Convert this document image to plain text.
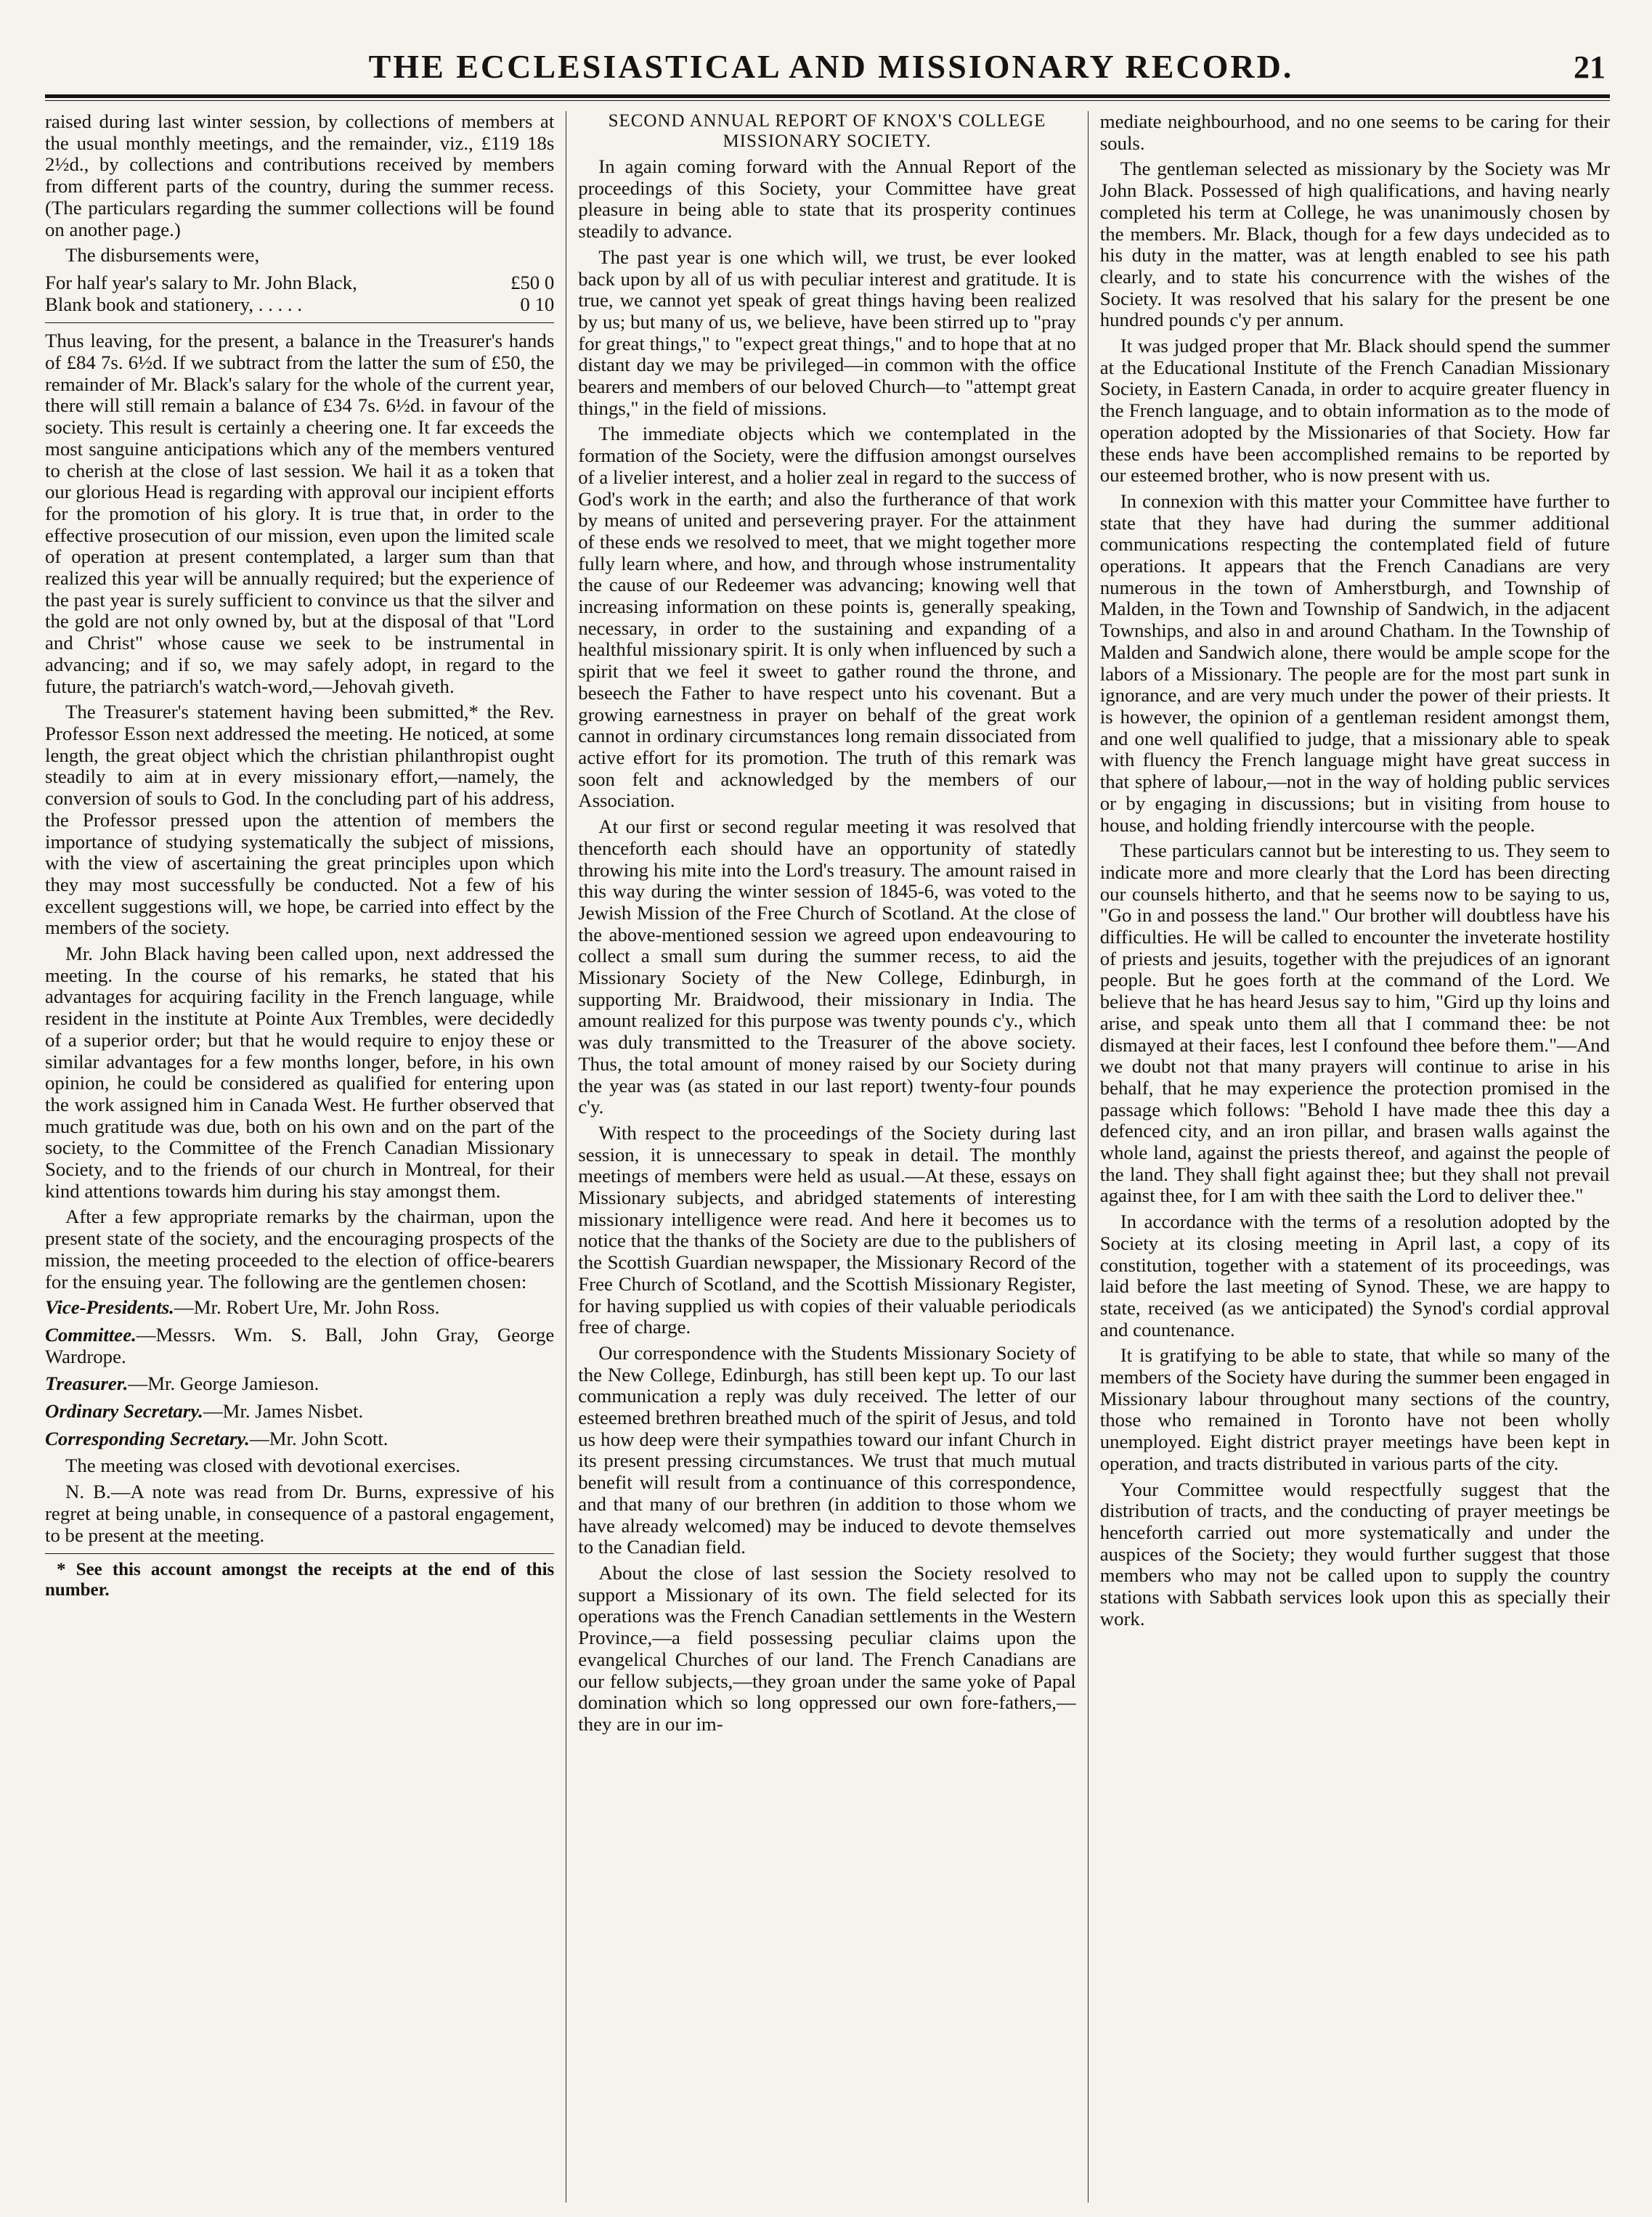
THE ECCLESIASTICAL AND MISSIONARY RECORD.	21

raised during last winter session, by collections of members at the usual monthly meetings, and the remainder, viz., £119 18s 2½d., by collections and contributions received by members from different parts of the country, during the summer recess. (The particulars regarding the summer collections will be found on another page.)

The disbursements were,

For half year's salary to Mr. John Black,	£50 0
Blank book and stationery, . . . . .	0 10

Thus leaving, for the present, a balance in the Treasurer's hands of £84 7s. 6½d. If we subtract from the latter the sum of £50, the remainder of Mr. Black's salary for the whole of the current year, there will still remain a balance of £34 7s. 6½d. in favour of the society. This result is certainly a cheering one. It far exceeds the most sanguine anticipations which any of the members ventured to cherish at the close of last session. We hail it as a token that our glorious Head is regarding with approval our incipient efforts for the promotion of his glory. It is true that, in order to the effective prosecution of our mission, even upon the limited scale of operation at present contemplated, a larger sum than that realized this year will be annually required; but the experience of the past year is surely sufficient to convince us that the silver and the gold are not only owned by, but at the disposal of that "Lord and Christ" whose cause we seek to be instrumental in advancing; and if so, we may safely adopt, in regard to the future, the patriarch's watch-word,—Jehovah giveth.

The Treasurer's statement having been submitted,* the Rev. Professor Esson next addressed the meeting. He noticed, at some length, the great object which the christian philanthropist ought steadily to aim at in every missionary effort,—namely, the conversion of souls to God. In the concluding part of his address, the Professor pressed upon the attention of members the importance of studying systematically the subject of missions, with the view of ascertaining the great principles upon which they may most successfully be conducted. Not a few of his excellent suggestions will, we hope, be carried into effect by the members of the society.

Mr. John Black having been called upon, next addressed the meeting. In the course of his remarks, he stated that his advantages for acquiring facility in the French language, while resident in the institute at Pointe Aux Trembles, were decidedly of a superior order; but that he would require to enjoy these or similar advantages for a few months longer, before, in his own opinion, he could be considered as qualified for entering upon the work assigned him in Canada West. He further observed that much gratitude was due, both on his own and on the part of the society, to the Committee of the French Canadian Missionary Society, and to the friends of our church in Montreal, for their kind attentions towards him during his stay amongst them.

After a few appropriate remarks by the chairman, upon the present state of the society, and the encouraging prospects of the mission, the meeting proceeded to the election of office-bearers for the ensuing year. The following are the gentlemen chosen:

Vice-Presidents.—Mr. Robert Ure, Mr. John Ross.

Committee.—Messrs. Wm. S. Ball, John Gray, George Wardrope.

Treasurer.—Mr. George Jamieson.

Ordinary Secretary.—Mr. James Nisbet.

Corresponding Secretary.—Mr. John Scott.

The meeting was closed with devotional exercises.

N. B.—A note was read from Dr. Burns, expressive of his regret at being unable, in consequence of a pastoral engagement, to be present at the meeting.

* See this account amongst the receipts at the end of this number.
SECOND ANNUAL REPORT OF KNOX'S COLLEGE MISSIONARY SOCIETY.

In again coming forward with the Annual Report of the proceedings of this Society, your Committee have great pleasure in being able to state that its prosperity continues steadily to advance.

The past year is one which will, we trust, be ever looked back upon by all of us with peculiar interest and gratitude. It is true, we cannot yet speak of great things having been realized by us; but many of us, we believe, have been stirred up to "pray for great things," to "expect great things," and to hope that at no distant day we may be privileged—in common with the office bearers and members of our beloved Church—to "attempt great things," in the field of missions.

The immediate objects which we contemplated in the formation of the Society, were the diffusion amongst ourselves of a livelier interest, and a holier zeal in regard to the success of God's work in the earth; and also the furtherance of that work by means of united and persevering prayer. For the attainment of these ends we resolved to meet, that we might together more fully learn where, and how, and through whose instrumentality the cause of our Redeemer was advancing; knowing well that increasing information on these points is, generally speaking, necessary, in order to the sustaining and expanding of a healthful missionary spirit. It is only when influenced by such a spirit that we feel it sweet to gather round the throne, and beseech the Father to have respect unto his covenant. But a growing earnestness in prayer on behalf of the great work cannot in ordinary circumstances long remain dissociated from active effort for its promotion. The truth of this remark was soon felt and acknowledged by the members of our Association.

At our first or second regular meeting it was resolved that thenceforth each should have an opportunity of statedly throwing his mite into the Lord's treasury. The amount raised in this way during the winter session of 1845-6, was voted to the Jewish Mission of the Free Church of Scotland. At the close of the above-mentioned session we agreed upon endeavouring to collect a small sum during the summer recess, to aid the Missionary Society of the New College, Edinburgh, in supporting Mr. Braidwood, their missionary in India. The amount realized for this purpose was twenty pounds c'y., which was duly transmitted to the Treasurer of the above society. Thus, the total amount of money raised by our Society during the year was (as stated in our last report) twenty-four pounds c'y.

With respect to the proceedings of the Society during last session, it is unnecessary to speak in detail. The monthly meetings of members were held as usual.—At these, essays on Missionary subjects, and abridged statements of interesting missionary intelligence were read. And here it becomes us to notice that the thanks of the Society are due to the publishers of the Scottish Guardian newspaper, the Missionary Record of the Free Church of Scotland, and the Scottish Missionary Register, for having supplied us with copies of their valuable periodicals free of charge.

Our correspondence with the Students Missionary Society of the New College, Edinburgh, has still been kept up. To our last communication a reply was duly received. The letter of our esteemed brethren breathed much of the spirit of Jesus, and told us how deep were their sympathies toward our infant Church in its present pressing circumstances. We trust that much mutual benefit will result from a continuance of this correspondence, and that many of our brethren (in addition to those whom we have already welcomed) may be induced to devote themselves to the Canadian field.

About the close of last session the Society resolved to support a Missionary of its own. The field selected for its operations was the French Canadian settlements in the Western Province,—a field possessing peculiar claims upon the evangelical Churches of our land. The French Canadians are our fellow subjects,—they groan under the same yoke of Papal domination which so long oppressed our own fore-fathers,—they are in our im-

mediate neighbourhood, and no one seems to be caring for their souls.

The gentleman selected as missionary by the Society was Mr John Black. Possessed of high qualifications, and having nearly completed his term at College, he was unanimously chosen by the members. Mr. Black, though for a few days undecided as to his duty in the matter, was at length enabled to see his path clearly, and to state his concurrence with the wishes of the Society. It was resolved that his salary for the present be one hundred pounds c'y per annum.

It was judged proper that Mr. Black should spend the summer at the Educational Institute of the French Canadian Missionary Society, in Eastern Canada, in order to acquire greater fluency in the French language, and to obtain information as to the mode of operation adopted by the Missionaries of that Society. How far these ends have been accomplished remains to be reported by our esteemed brother, who is now present with us.

In connexion with this matter your Committee have further to state that they have had during the summer additional communications respecting the contemplated field of future operations. It appears that the French Canadians are very numerous in the town of Amherstburgh, and Township of Malden, in the Town and Township of Sandwich, in the adjacent Townships, and also in and around Chatham. In the Township of Malden and Sandwich alone, there would be ample scope for the labors of a Missionary. The people are for the most part sunk in ignorance, and are very much under the power of their priests. It is however, the opinion of a gentleman resident amongst them, and one well qualified to judge, that a missionary able to speak with fluency the French language might have great success in that sphere of labour,—not in the way of holding public services or by engaging in discussions; but in visiting from house to house, and holding friendly intercourse with the people.

These particulars cannot but be interesting to us. They seem to indicate more and more clearly that the Lord has been directing our counsels hitherto, and that he seems now to be saying to us, "Go in and possess the land." Our brother will doubtless have his difficulties. He will be called to encounter the inveterate hostility of priests and jesuits, together with the prejudices of an ignorant people. But he goes forth at the command of the Lord. We believe that he has heard Jesus say to him, "Gird up thy loins and arise, and speak unto them all that I command thee: be not dismayed at their faces, lest I confound thee before them."—And we doubt not that many prayers will continue to arise in his behalf, that he may experience the protection promised in the passage which follows: "Behold I have made thee this day a defenced city, and an iron pillar, and brasen walls against the whole land, against the priests thereof, and against the people of the land. They shall fight against thee; but they shall not prevail against thee, for I am with thee saith the Lord to deliver thee."

In accordance with the terms of a resolution adopted by the Society at its closing meeting in April last, a copy of its constitution, together with a statement of its proceedings, was laid before the last meeting of Synod. These, we are happy to state, received (as we anticipated) the Synod's cordial approval and countenance.

It is gratifying to be able to state, that while so many of the members of the Society have during the summer been engaged in Missionary labour throughout many sections of the country, those who remained in Toronto have not been wholly unemployed. Eight district prayer meetings have been kept in operation, and tracts distributed in various parts of the city.

Your Committee would respectfully suggest that the distribution of tracts, and the conducting of prayer meetings be henceforth carried out more systematically and under the auspices of the Society; they would further suggest that those members who may not be called upon to supply the country stations with Sabbath services look upon this as specially their work.
